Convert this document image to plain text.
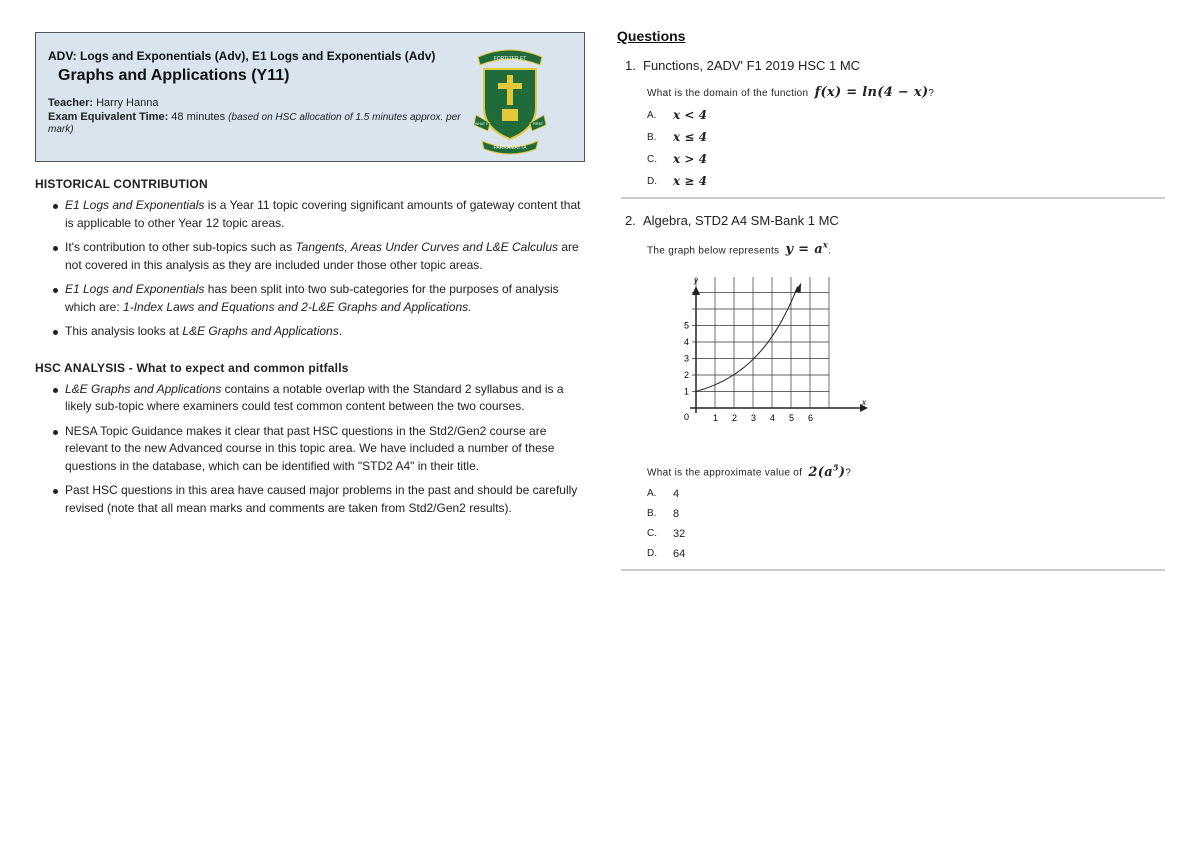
ADV: Logs and Exponentials (Adv), E1 Logs and Exponentials (Adv)
Graphs and Applications (Y11)
Teacher: Harry Hanna
Exam Equivalent Time: 48 minutes (based on HSC allocation of 1.5 minutes approx. per mark)
FORTITER ET
WHAT IT	FIRST
PARRAMATTA
HISTORICAL CONTRIBUTION
E1 Logs and Exponentials is a Year 11 topic covering significant amounts of gateway content that is applicable to other Year 12 topic areas.
It's contribution to other sub-topics such as Tangents, Areas Under Curves and L&E Calculus are not covered in this analysis as they are included under those other topic areas.
E1 Logs and Exponentials has been split into two sub-categories for the purposes of analysis which are: 1-Index Laws and Equations and 2-L&E Graphs and Applications.
This analysis looks at L&E Graphs and Applications.
HSC ANALYSIS - What to expect and common pitfalls
L&E Graphs and Applications contains a notable overlap with the Standard 2 syllabus and is a likely sub-topic where examiners could test common content between the two courses.
NESA Topic Guidance makes it clear that past HSC questions in the Std2/Gen2 course are relevant to the new Advanced course in this topic area. We have included a number of these questions in the database, which can be identified with "STD2 A4" in their title.
Past HSC questions in this area have caused major problems in the past and should be carefully revised (note that all mean marks and comments are taken from Std2/Gen2 results).
Questions
1. Functions, 2ADV' F1 2019 HSC 1 MC
What is the domain of the function f(x) = ln(4 − x)?
A.	x < 4
B.	x ≤ 4
C.	x > 4
D.	x ≥ 4
2. Algebra, STD2 A4 SM-Bank 1 MC
The graph below represents $y = a^x$.
x
y
0	1 2 3 4 5 6
1
2
3
4
5
What is the approximate value of $2(a^5)$?
A.	4
B.	8
C.	32
D.	64
